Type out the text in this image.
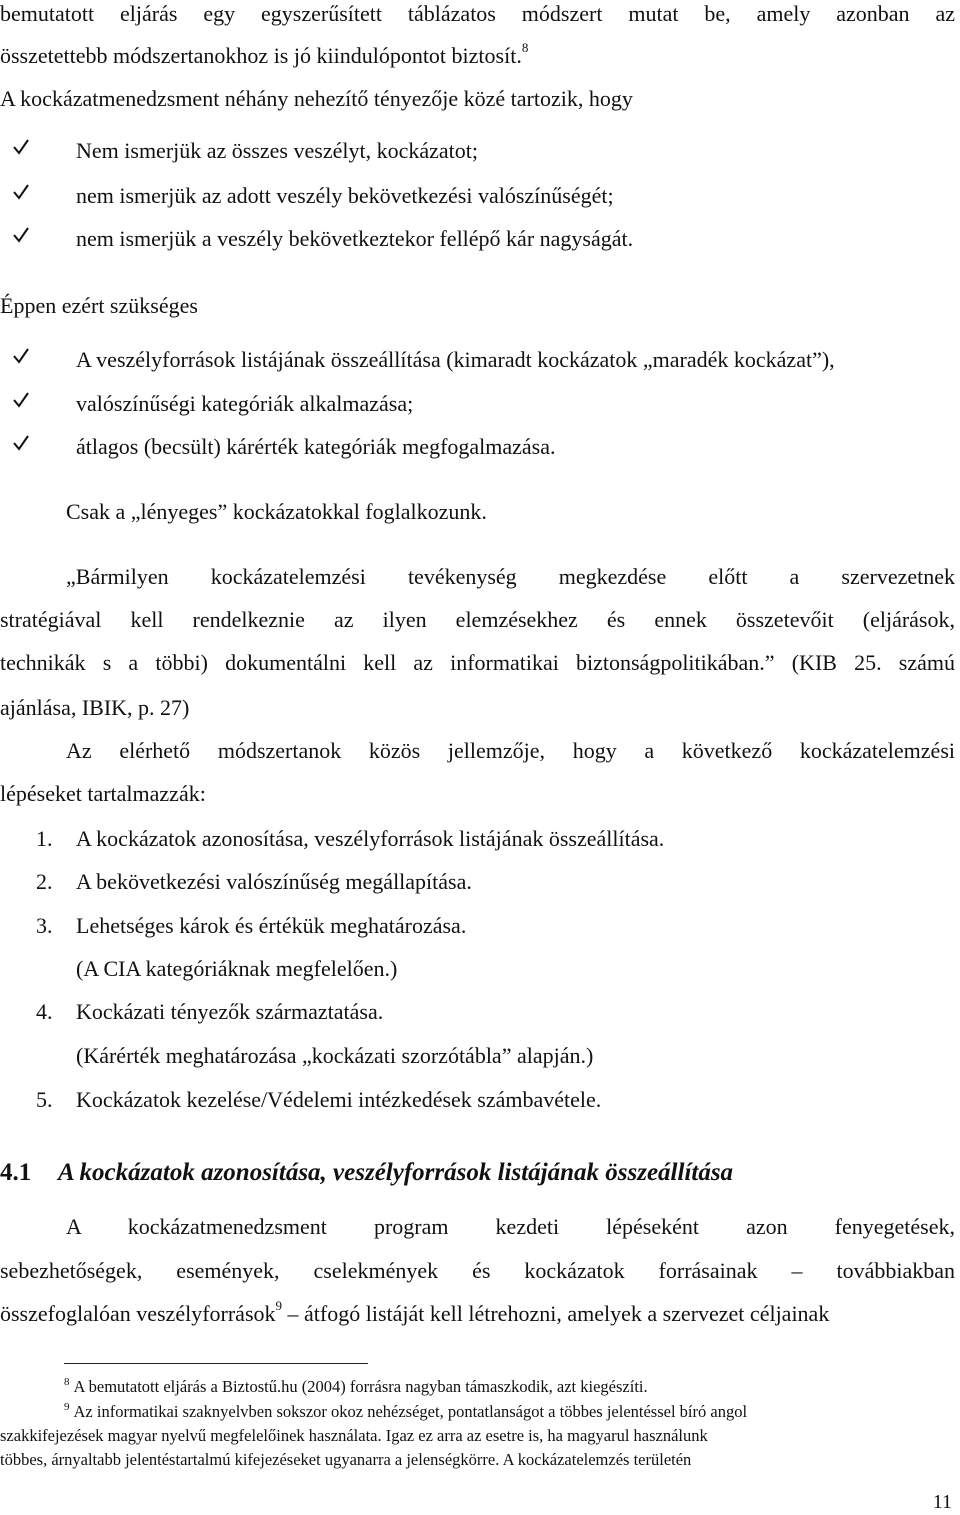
bemutatott eljárás egy egyszerűsített táblázatos módszert mutat be, amely azonban az
összetettebb módszertanokhoz is jó kiindulópontot biztosít.$^8$
A kockázatmenedzsment néhány nehezítő tényezője közé tartozik, hogy
Nem ismerjük az összes veszélyt, kockázatot;
nem ismerjük az adott veszély bekövetkezési valószínűségét;
nem ismerjük a veszély bekövetkeztekor fellépő kár nagyságát.
Éppen ezért szükséges
A veszélyforrások listájának összeállítása (kimaradt kockázatok „maradék kockázat”),
valószínűségi kategóriák alkalmazása;
átlagos (becsült) kárérték kategóriák megfogalmazása.
Csak a „lényeges” kockázatokkal foglalkozunk.
„Bármilyen kockázatelemzési tevékenység megkezdése előtt a szervezetnek
stratégiával kell rendelkeznie az ilyen elemzésekhez és ennek összetevőit (eljárások,
technikák s a többi) dokumentálni kell az informatikai biztonságpolitikában.” (KIB 25. számú
ajánlása, IBIK, p. 27)
Az elérhető módszertanok közös jellemzője, hogy a következő kockázatelemzési
lépéseket tartalmazzák:
1. A kockázatok azonosítása, veszélyforrások listájának összeállítása.
2. A bekövetkezési valószínűség megállapítása.
3. Lehetséges károk és értékük meghatározása.
(A CIA kategóriáknak megfelelően.)
4. Kockázati tényezők származtatása.
(Kárérték meghatározása „kockázati szorzótábla” alapján.)
5. Kockázatok kezelése/Védelemi intézkedések számbavétele.
4.1 A kockázatok azonosítása, veszélyforrások listájának összeállítása
A kockázatmenedzsment program kezdeti lépéseként azon fenyegetések,
sebezhetőségek, események, cselekmények és kockázatok forrásainak – továbbiakban
összefoglalóan veszélyforrások$^9$ – átfogó listáját kell létrehozni, amelyek a szervezet céljainak
$^8$ A bemutatott eljárás a Biztostű.hu (2004) forrásra nagyban támaszkodik, azt kiegészíti.
$^9$ Az informatikai szaknyelvben sokszor okoz nehézséget, pontatlanságot a többes jelentéssel bíró angol
szakkifejezések magyar nyelvű megfelelőinek használata. Igaz ez arra az esetre is, ha magyarul használunk
többes, árnyaltabb jelentéstartalmú kifejezéseket ugyanarra a jelenségkörre. A kockázatelemzés területén
11
